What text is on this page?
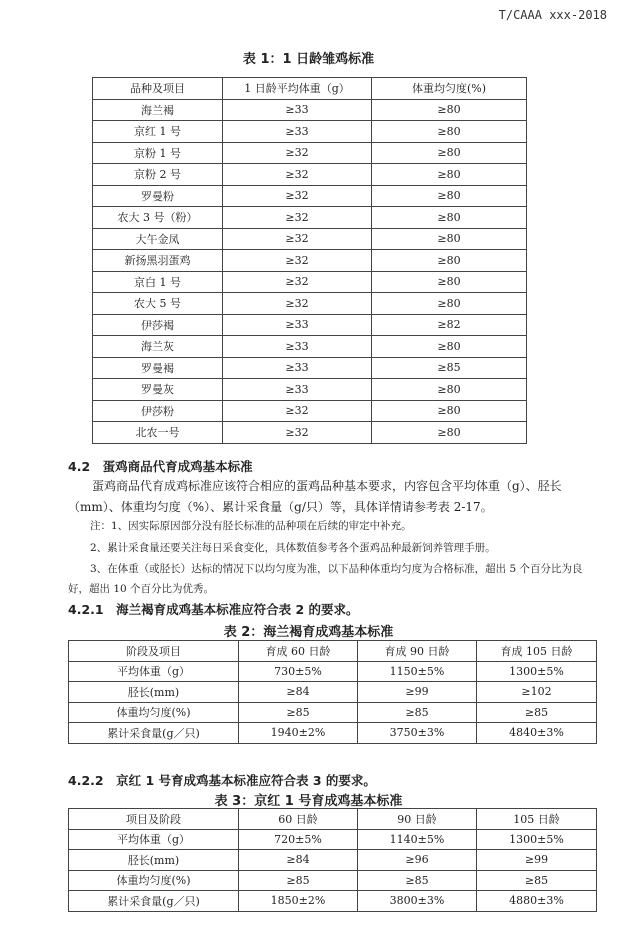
T/CAAA xxx-2018
表 1：1 日龄雏鸡标准
品种及项目	1 日龄平均体重（g）	体重均匀度(%)
海兰褐	≥33	≥80
京红 1 号	≥33	≥80
京粉 1 号	≥32	≥80
京粉 2 号	≥32	≥80
罗曼粉	≥32	≥80
农大 3 号（粉）	≥32	≥80
大午金凤	≥32	≥80
新扬黑羽蛋鸡	≥32	≥80
京白 1 号	≥32	≥80
农大 5 号	≥32	≥80
伊莎褐	≥33	≥82
海兰灰	≥33	≥80
罗曼褐	≥33	≥85
罗曼灰	≥33	≥80
伊莎粉	≥32	≥80
北农一号	≥32	≥80
4.2　蛋鸡商品代育成鸡基本标准
　　蛋鸡商品代育成鸡标准应该符合相应的蛋鸡品种基本要求，内容包含平均体重（g）、胫长（mm）、体重均匀度（%）、累计采食量（g/只）等，具体详情请参考表 2-17。
注：1、因实际原因部分没有胫长标准的品种项在后续的审定中补充。
2、累计采食量还要关注每日采食变化，具体数值参考各个蛋鸡品种最新饲养管理手册。
3、在体重（或胫长）达标的情况下以均匀度为准，以下品种体重均匀度为合格标准，超出 5 个百分比为良好，超出 10 个百分比为优秀。
4.2.1　海兰褐育成鸡基本标准应符合表 2 的要求。
表 2：海兰褐育成鸡基本标准
阶段及项目	育成 60 日龄	育成 90 日龄	育成 105 日龄
平均体重（g）	730±5%	1150±5%	1300±5%
胫长(mm)	≥84	≥99	≥102
体重均匀度(%)	≥85	≥85	≥85
累计采食量(g／只)	1940±2%	3750±3%	4840±3%
4.2.2　京红 1 号育成鸡基本标准应符合表 3 的要求。
表 3：京红 1 号育成鸡基本标准
项目及阶段	60 日龄	90 日龄	105 日龄
平均体重（g）	720±5%	1140±5%	1300±5%
胫长(mm)	≥84	≥96	≥99
体重均匀度(%)	≥85	≥85	≥85
累计采食量(g／只)	1850±2%	3800±3%	4880±3%
